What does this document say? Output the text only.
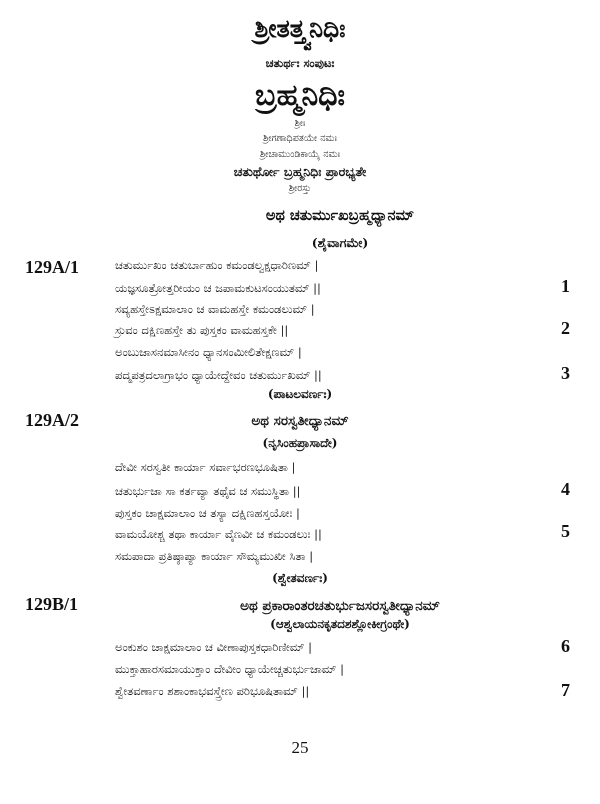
ಶ್ರೀತತ್ತ್ವನಿಧಿಃ
ಚತುರ್ಥಃ ಸಂಪುಟಃ
ಬ್ರಹ್ಮನಿಧಿಃ
ಶ್ರೀಃ
ಶ್ರೀಗಣಾಧಿಪತಯೇ ನಮಃ
ಶ್ರೀಚಾಮುಂಡಿಕಾಯೈ ನಮಃ
ಚತುರ್ಥೋ ಬ್ರಹ್ಮನಿಧಿಃ ಪ್ರಾರಭ್ಯತೇ
ಶ್ರೀರಸ್ತು
ಅಥ ಚತುರ್ಮುಖಬ್ರಹ್ಮಧ್ಯಾನಮ್
(ಶೈವಾಗಮೇ)
129A/1	ಚತುರ್ಮುಖಂ ಚತುರ್ಬಾಹುಂ ಕಮಂಡಲ್ವಕ್ಷಧಾರಿಣಮ್ |
ಯಜ್ಞಸೂತ್ರೋತ್ತರೀಯಂ ಚ ಜಪಾಮಕುಟಸಂಯುತಮ್ ||	1
ಸವ್ಯಹಸ್ತೇಽಕ್ಷಮಾಲಾಂ ಚ ವಾಮಹಸ್ತೇ ಕಮಂಡಲುಮ್ |
ಸ್ರುವಂ ದಕ್ಷಿಣಹಸ್ತೇ ತು ಪುಸ್ತಕಂ ವಾಮಹಸ್ತಕೇ ||	2
ಅಂಬುಜಾಸನಮಾಸೀನಂ ಧ್ಯಾನಸಂಮೀಲಿತೇಕ್ಷಣಮ್ |
ಪದ್ಮಪತ್ರದಲಾಗ್ರಾಭಂ ಧ್ಯಾಯೇದ್ದೇವಂ ಚತುರ್ಮುಖಮ್ ||	3
(ಪಾಟಲವರ್ಣಃ)
129A/2	ಅಥ ಸರಸ್ವತೀಧ್ಯಾನಮ್
(ನೃಸಿಂಹಪ್ರಾಸಾದೇ)
ದೇವೀ ಸರಸ್ವತೀ ಕಾರ್ಯಾ ಸರ್ವಾಭರಣಭೂಷಿತಾ |
ಚತುರ್ಭುಜಾ ಸಾ ಕರ್ತವ್ಯಾ ತಥೈವ ಚ ಸಮುಸ್ಥಿತಾ ||	4
ಪುಸ್ತಕಂ ಚಾಕ್ಷಮಾಲಾಂ ಚ ತಸ್ಯಾ ದಕ್ಷಿಣಹಸ್ತಯೋಃ |
ವಾಮಯೋಶ್ಚ ತಥಾ ಕಾರ್ಯಾ ವೈಣವೀ ಚ ಕಮಂಡಲುಃ ||	5
ಸಮಪಾದಾ ಪ್ರತಿಷ್ಠಾಪ್ಯಾ ಕಾರ್ಯಾ ಸೌಮ್ಯಮುಖೀ ಸಿತಾ |
(ಶ್ವೇತವರ್ಣಃ)
129B/1	ಅಥ ಪ್ರಕಾರಾಂತರಚತುರ್ಭುಜಸರಸ್ವತೀಧ್ಯಾನಮ್
(ಆಶ್ವಲಾಯನಕೃತದಶಶ್ಲೋಕೀಗ್ರಂಥೇ)
ಅಂಕುಶಂ ಚಾಕ್ಷಮಾಲಾಂ ಚ ವೀಣಾಪುಸ್ತಕಧಾರಿಣೀಮ್ |	6
ಮುಕ್ತಾಹಾರಸಮಾಯುಕ್ತಾಂ ದೇವೀಂ ಧ್ಯಾಯೇಚ್ಚತುರ್ಭುಜಾಮ್ |
ಶ್ವೇತವರ್ಣಾಂ ಶಶಾಂಕಾಭವಸ್ತ್ರೇಣ ಪರಿಭೂಷಿತಾಮ್ ||	7
25
